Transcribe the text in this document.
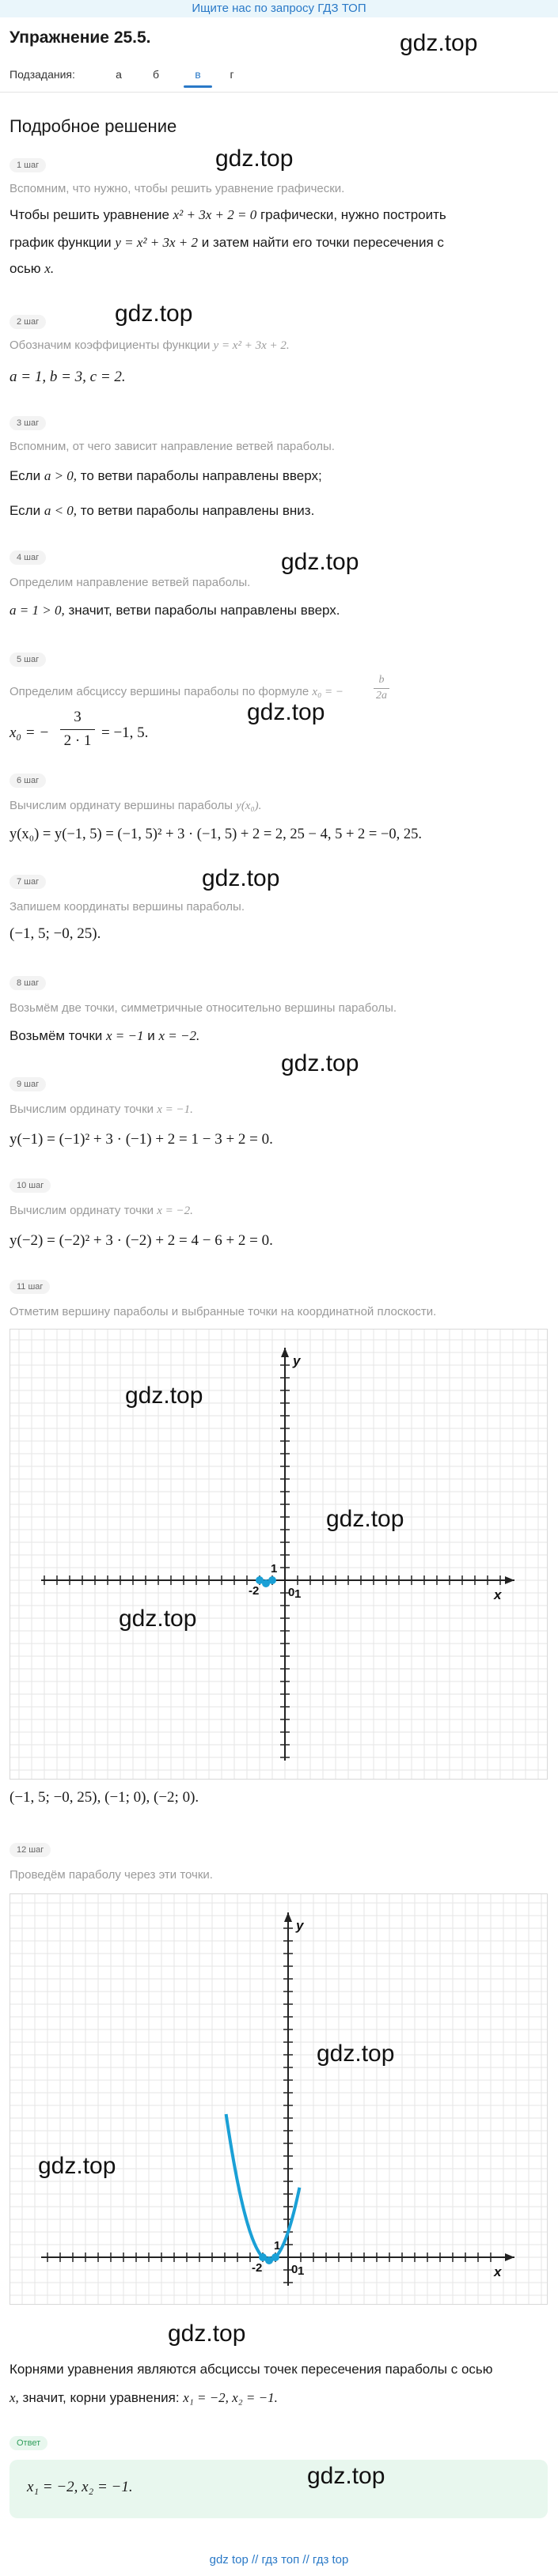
Ищите нас по запросу ГДЗ ТОП
Упражнение 25.5.	gdz.top
Подзадания:	а	б	в	г
Подробное решение
gdz.top
1 шаг
Вспомним, что нужно, чтобы решить уравнение графически.
Чтобы решить уравнение x² + 3x + 2 = 0 графически, нужно построить
график функции y = x² + 3x + 2 и затем найти его точки пересечения с
осью x.
gdz.top
2 шаг
Обозначим коэффициенты функции y = x² + 3x + 2.
a = 1, b = 3, c = 2.
3 шаг
Вспомним, от чего зависит направление ветвей параболы.
Если a > 0, то ветви параболы направлены вверх;
Если a < 0, то ветви параболы направлены вниз.
4 шаг	gdz.top
Определим направление ветвей параболы.
a = 1 > 0, значит, ветви параболы направлены вверх.
5 шаг
Определим абсциссу вершины параболы по формуле x₀ = −
b
2a
gdz.top
x₀ = −
3
2 · 1 = −1, 5.
6 шаг
Вычислим ординату вершины параболы y(x₀).
y(x₀) = y(−1, 5) = (−1, 5)² + 3 · (−1, 5) + 2 = 2, 25 − 4, 5 + 2 = −0, 25.
7 шаг	gdz.top
Запишем координаты вершины параболы.
(−1, 5; −0, 25).
8 шаг
Возьмём две точки, симметричные относительно вершины параболы.
Возьмём точки x = −1 и x = −2.
gdz.top
9 шаг
Вычислим ординату точки x = −1.
y(−1) = (−1)² + 3 · (−1) + 2 = 1 − 3 + 2 = 0.
10 шаг
Вычислим ординату точки x = −2.
y(−2) = (−2)² + 3 · (−2) + 2 = 4 − 6 + 2 = 0.
11 шаг
Отметим вершину параболы и выбранные точки на координатной плоскости.
x
y
1
1
0
-2
gdz.top
gdz.top
gdz.top
(−1, 5; −0, 25), (−1; 0), (−2; 0).
12 шаг
Проведём параболу через эти точки.
x
y
1
1
0
-2
gdz.top
gdz.top
gdz.top
Корнями уравнения являются абсциссы точек пересечения параболы с осью
x, значит, корни уравнения: x₁ = −2, x₂ = −1.
Ответ
x₁ = −2, x₂ = −1.	gdz.top
gdz top // гдз топ // гдз top
